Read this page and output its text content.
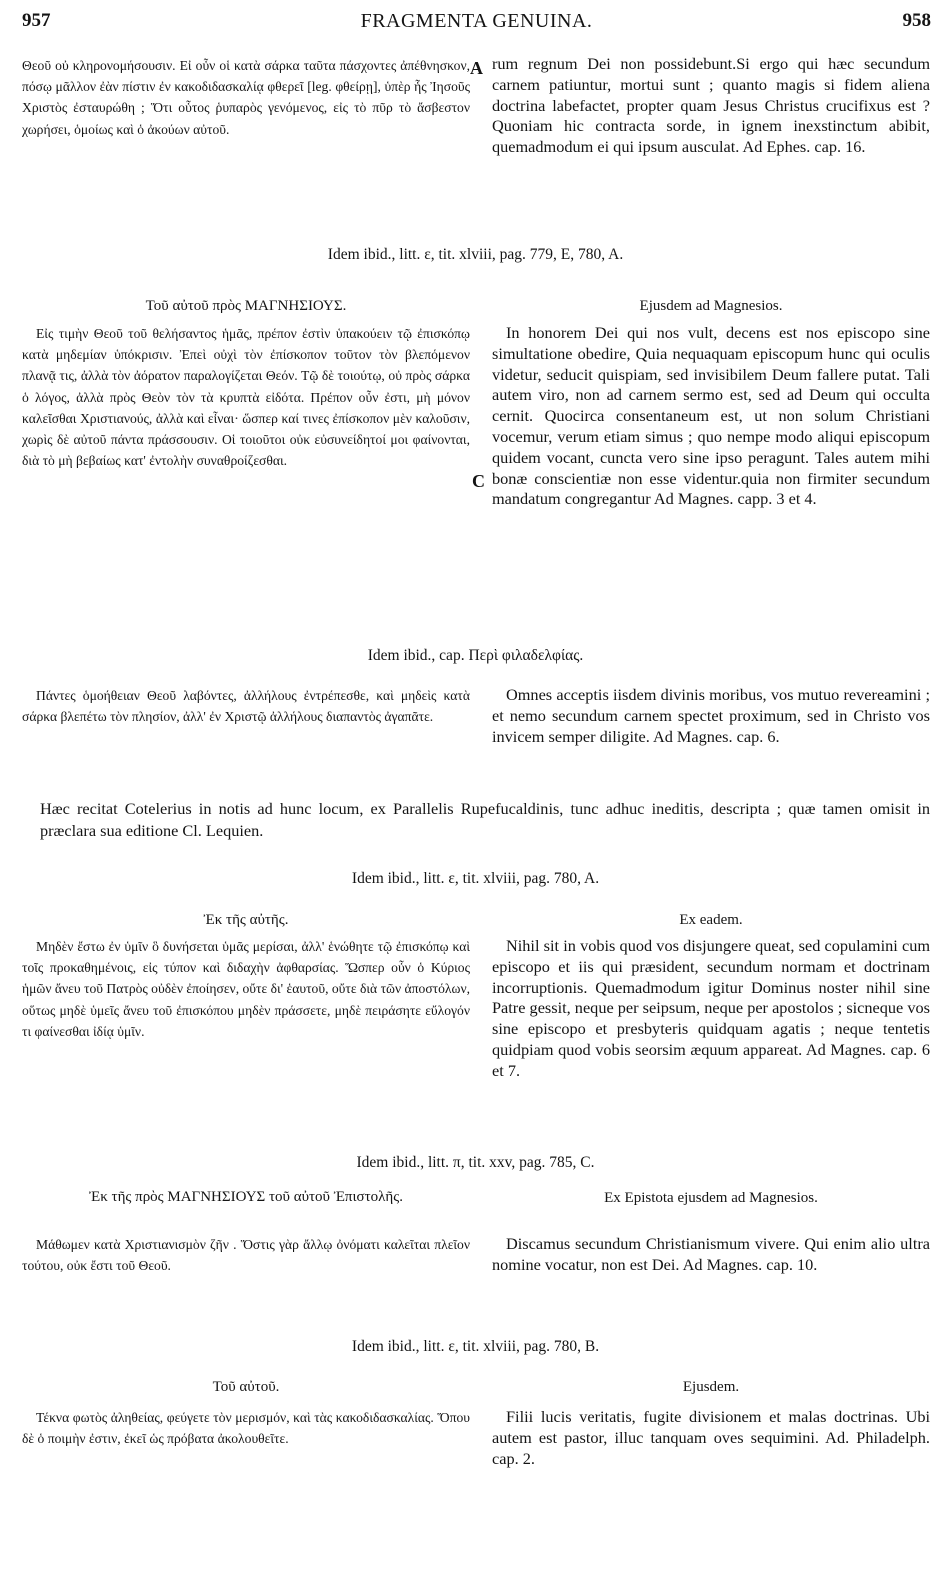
957	FRAGMENTA GENUINA.	958
A
C
Θεοῦ οὐ κληρονομήσουσιν. Εἰ οὖν οἱ κατὰ σάρκα ταῦτα πάσχοντες ἀπέθνησκον, πόσῳ μᾶλλον ἐὰν πίστιν ἐν κακοδιδασκαλίᾳ φθερεῖ [leg. φθείρῃ], ὑπὲρ ἧς Ἰησοῦς Χριστὸς ἐσταυρώθη ; Ὅτι οὗτος ῥυπαρὸς γενόμενος, εἰς τὸ πῦρ τὸ ἄσβεστον χωρήσει, ὁμοίως καὶ ὁ ἀκούων αὐτοῦ.
rum regnum Dei non possidebunt.Si ergo qui hæc secundum carnem patiuntur, mortui sunt ; quanto magis si fidem aliena doctrina labefactet, propter quam Jesus Christus crucifixus est ? Quoniam hic contracta sorde, in ignem inexstinctum abibit, quemadmodum ei qui ipsum ausculat. Ad Ephes. cap. 16.
Idem ibid., litt. ε, tit. xlviii, pag. 779, E, 780, A.
Τοῦ αὐτοῦ πρὸς ΜΑΓΝΗΣΙΟΥΣ.	Ejusdem ad Magnesios.
Εἰς τιμὴν Θεοῦ τοῦ θελήσαντος ἡμᾶς, πρέπον ἐστὶν ὑπακούειν τῷ ἐπισκόπῳ κατὰ μηδεμίαν ὑπόκρισιν. Ἐπεὶ οὐχὶ τὸν ἐπίσκοπον τοῦτον τὸν βλεπόμενον πλανᾷ τις, ἀλλὰ τὸν ἀόρατον παραλογίζεται Θεόν. Τῷ δὲ τοιούτῳ, οὐ πρὸς σάρκα ὁ λόγος, ἀλλὰ πρὸς Θεὸν τὸν τὰ κρυπτὰ εἰδότα. Πρέπον οὖν ἐστι, μὴ μόνον καλεῖσθαι Χριστιανούς, ἀλλὰ καὶ εἶναι· ὥσπερ καί τινες ἐπίσκοπον μὲν καλοῦσιν, χωρὶς δὲ αὐτοῦ πάντα πράσσουσιν. Οἱ τοιοῦτοι οὐκ εὐσυνείδητοί μοι φαίνονται, διὰ τὸ μὴ βεβαίως κατ' ἐντολὴν συναθροίζεσθαι.
In honorem Dei qui nos vult, decens est nos episcopo sine simultatione obedire, Quia nequaquam episcopum hunc qui oculis videtur, seducit quispiam, sed invisibilem Deum fallere putat. Tali autem viro, non ad carnem sermo est, sed ad Deum qui occulta cernit. Quocirca consentaneum est, ut non solum Christiani vocemur, verum etiam simus ; quo nempe modo aliqui episcopum quidem vocant, cuncta vero sine ipso peragunt. Tales autem mihi bonæ conscientiæ non esse videntur.quia non firmiter secundum mandatum congregantur Ad Magnes. capp. 3 et 4.
Idem ibid., cap. Περὶ φιλαδελφίας.
Πάντες ὁμοήθειαν Θεοῦ λαβόντες, ἀλλήλους ἐντρέπεσθε, καὶ μηδεὶς κατὰ σάρκα βλεπέτω τὸν πλησίον, ἀλλ' ἐν Χριστῷ ἀλλήλους διαπαντὸς ἀγαπᾶτε.
Omnes acceptis iisdem divinis moribus, vos mutuo revereamini ; et nemo secundum carnem spectet proximum, sed in Christo vos invicem semper diligite. Ad Magnes. cap. 6.
Hæc recitat Cotelerius in notis ad hunc locum, ex Parallelis Rupefucaldinis, tunc adhuc ineditis, descripta ; quæ tamen omisit in præclara sua editione Cl. Lequien.
Idem ibid., litt. ε, tit. xlviii, pag. 780, A.
Ἐκ τῆς αὐτῆς.	Ex eadem.
Μηδὲν ἔστω ἐν ὑμῖν ὃ δυνήσεται ὑμᾶς μερίσαι, ἀλλ' ἑνώθητε τῷ ἐπισκόπῳ καὶ τοῖς προκαθημένοις, εἰς τύπον καὶ διδαχὴν ἀφθαρσίας. Ὥσπερ οὖν ὁ Κύριος ἡμῶν ἄνευ τοῦ Πατρὸς οὐδὲν ἐποίησεν, οὔτε δι' ἑαυτοῦ, οὔτε διὰ τῶν ἀποστόλων, οὕτως μηδὲ ὑμεῖς ἄνευ τοῦ ἐπισκόπου μηδὲν πράσσετε, μηδὲ πειράσητε εὔλογόν τι φαίνεσθαι ἰδίᾳ ὑμῖν.
Nihil sit in vobis quod vos disjungere queat, sed copulamini cum episcopo et iis qui præsident, secundum normam et doctrinam incorruptionis. Quemadmodum igitur Dominus noster nihil sine Patre gessit, neque per seipsum, neque per apostolos ; sicneque vos sine episcopo et presbyteris quidquam agatis ; neque tentetis quidpiam quod vobis seorsim æquum appareat. Ad Magnes. cap. 6 et 7.
Idem ibid., litt. π, tit. xxv, pag. 785, C.
Ἐκ τῆς πρὸς ΜΑΓΝΗΣΙΟΥΣ τοῦ αὐτοῦ Ἐπιστολῆς.	Ex Epistota ejusdem ad Magnesios.
Μάθωμεν κατὰ Χριστιανισμὸν ζῆν . Ὅστις γὰρ ἄλλῳ ὀνόματι καλεῖται πλεῖον τούτου, οὐκ ἔστι τοῦ Θεοῦ.
Discamus secundum Christianismum vivere. Qui enim alio ultra nomine vocatur, non est Dei. Ad Magnes. cap. 10.
Idem ibid., litt. ε, tit. xlviii, pag. 780, B.
Τοῦ αὐτοῦ.	Ejusdem.
Τέκνα φωτὸς ἀληθείας, φεύγετε τὸν μερισμόν, καὶ τὰς κακοδιδασκαλίας. Ὅπου δὲ ὁ ποιμὴν ἐστιν, ἐκεῖ ὡς πρόβατα ἀκολουθεῖτε.
Filii lucis veritatis, fugite divisionem et malas doctrinas. Ubi autem est pastor, illuc tanquam oves sequimini. Ad. Philadelph. cap. 2.
